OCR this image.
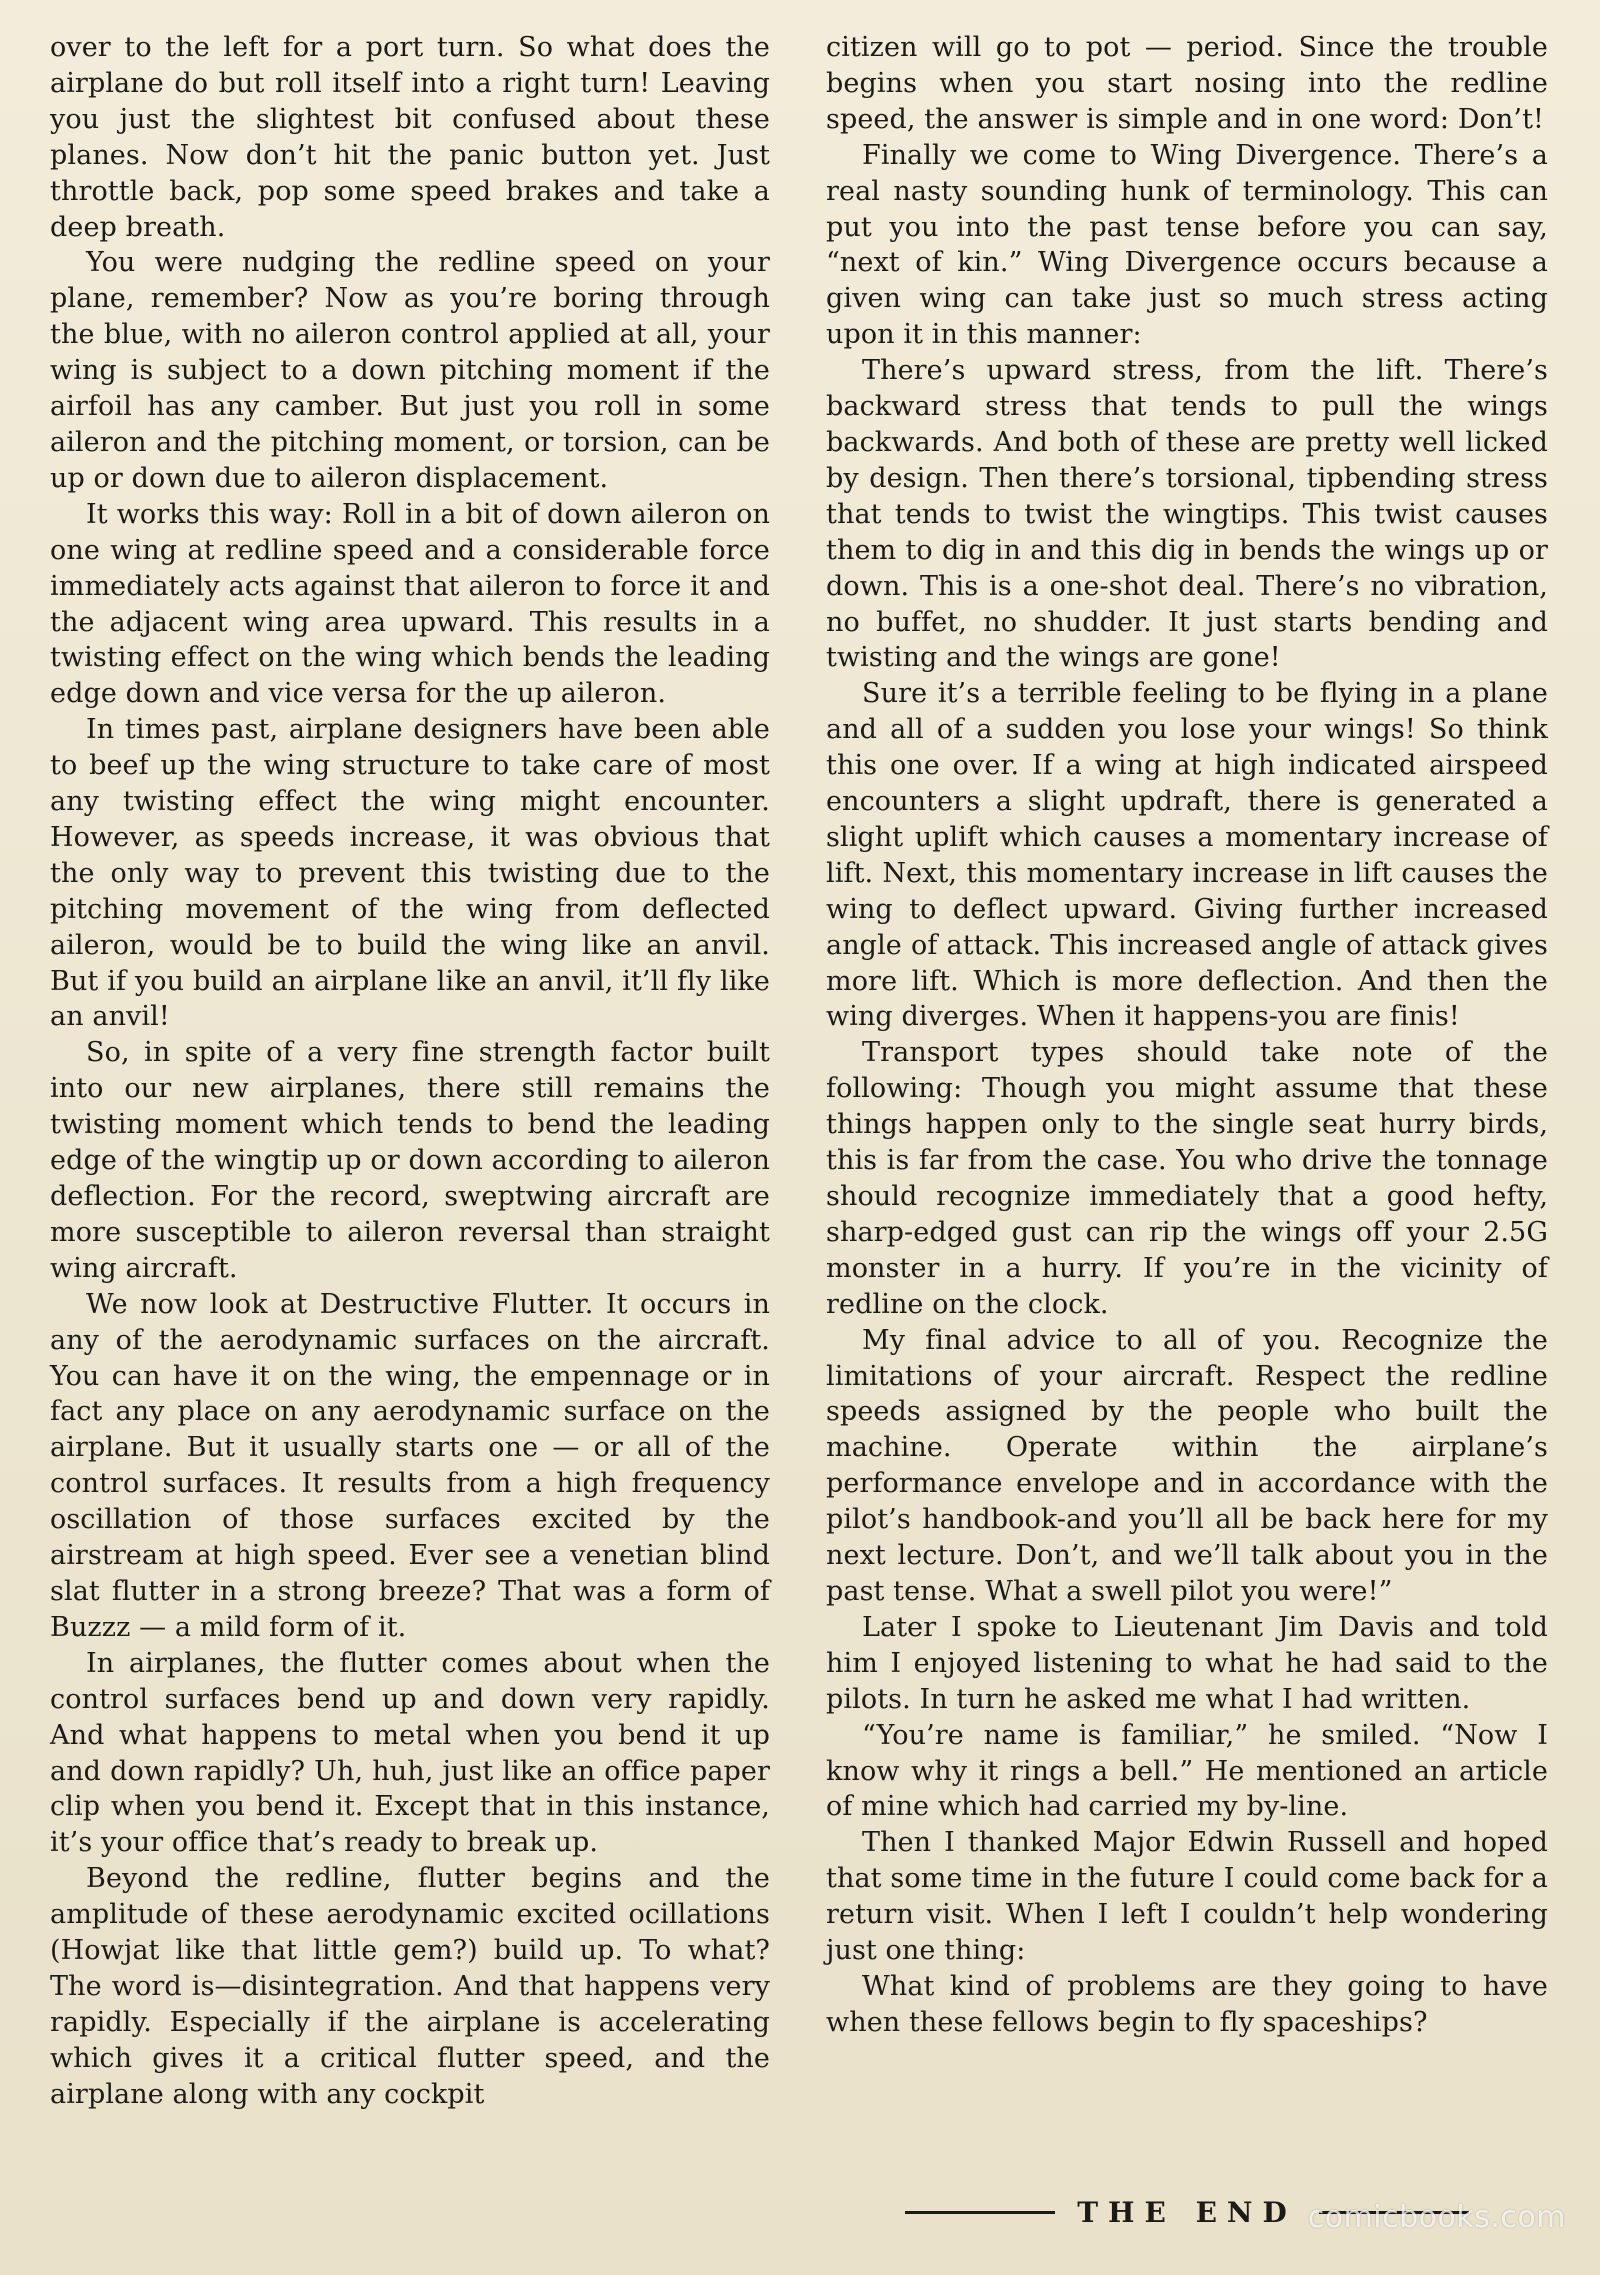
over to the left for a port turn. So what does the airplane do but roll itself into a right turn! Leaving you just the slightest bit confused about these planes. Now don’t hit the panic button yet. Just throttle back, pop some speed brakes and take a deep breath.

You were nudging the redline speed on your plane, remember? Now as you’re boring through the blue, with no aileron control applied at all, your wing is subject to a down pitching moment if the airfoil has any camber. But just you roll in some aileron and the pitching moment, or torsion, can be up or down due to aileron displacement.

It works this way: Roll in a bit of down aileron on one wing at redline speed and a considerable force immediately acts against that aileron to force it and the adjacent wing area upward. This results in a twisting effect on the wing which bends the leading edge down and vice versa for the up aileron.

In times past, airplane designers have been able to beef up the wing structure to take care of most any twisting effect the wing might encounter. However, as speeds increase, it was obvious that the only way to prevent this twisting due to the pitching movement of the wing from deflected aileron, would be to build the wing like an anvil. But if you build an airplane like an anvil, it’ll fly like an anvil!

So, in spite of a very fine strength factor built into our new airplanes, there still remains the twisting moment which tends to bend the leading edge of the wingtip up or down according to aileron deflection. For the record, sweptwing aircraft are more susceptible to aileron reversal than straight wing aircraft.

We now look at Destructive Flutter. It occurs in any of the aerodynamic surfaces on the aircraft. You can have it on the wing, the empennage or in fact any place on any aerodynamic surface on the airplane. But it usually starts one — or all of the control surfaces. It results from a high frequency oscillation of those surfaces excited by the airstream at high speed. Ever see a venetian blind slat flutter in a strong breeze? That was a form of Buzzz — a mild form of it.

In airplanes, the flutter comes about when the control surfaces bend up and down very rapidly. And what happens to metal when you bend it up and down rapidly? Uh, huh, just like an office paper clip when you bend it. Except that in this instance, it’s your office that’s ready to break up.

Beyond the redline, flutter begins and the amplitude of these aerodynamic excited ocillations (Howjat like that little gem?) build up. To what? The word is—disintegration. And that happens very rapidly. Especially if the airplane is accelerating which gives it a critical flutter speed, and the airplane along with any cockpit

citizen will go to pot — period. Since the trouble begins when you start nosing into the redline speed, the answer is simple and in one word: Don’t!

Finally we come to Wing Divergence. There’s a real nasty sounding hunk of terminology. This can put you into the past tense before you can say, “next of kin.” Wing Divergence occurs because a given wing can take just so much stress acting upon it in this manner:

There’s upward stress, from the lift. There’s backward stress that tends to pull the wings backwards. And both of these are pretty well licked by design. Then there’s torsional, tipbending stress that tends to twist the wingtips. This twist causes them to dig in and this dig in bends the wings up or down. This is a one-shot deal. There’s no vibration, no buffet, no shudder. It just starts bending and twisting and the wings are gone!

Sure it’s a terrible feeling to be flying in a plane and all of a sudden you lose your wings! So think this one over. If a wing at high indicated airspeed encounters a slight updraft, there is generated a slight uplift which causes a momentary increase of lift. Next, this momentary increase in lift causes the wing to deflect upward. Giving further increased angle of attack. This increased angle of attack gives more lift. Which is more deflection. And then the wing diverges. When it happens-you are finis!

Transport types should take note of the following: Though you might assume that these things happen only to the single seat hurry birds, this is far from the case. You who drive the tonnage should recognize immediately that a good hefty, sharp-edged gust can rip the wings off your 2.5G monster in a hurry. If you’re in the vicinity of redline on the clock.

My final advice to all of you. Recognize the limitations of your aircraft. Respect the redline speeds assigned by the people who built the machine. Operate within the airplane’s performance envelope and in accordance with the pilot’s handbook-and you’ll all be back here for my next lecture. Don’t, and we’ll talk about you in the past tense. What a swell pilot you were!”

Later I spoke to Lieutenant Jim Davis and told him I enjoyed listening to what he had said to the pilots. In turn he asked me what I had written.

“You’re name is familiar,” he smiled. “Now I know why it rings a bell.” He mentioned an article of mine which had carried my by-line.

Then I thanked Major Edwin Russell and hoped that some time in the future I could come back for a return visit. When I left I couldn’t help wondering just one thing:

What kind of problems are they going to have when these fellows begin to fly spaceships?

THE END comicbooks.com
